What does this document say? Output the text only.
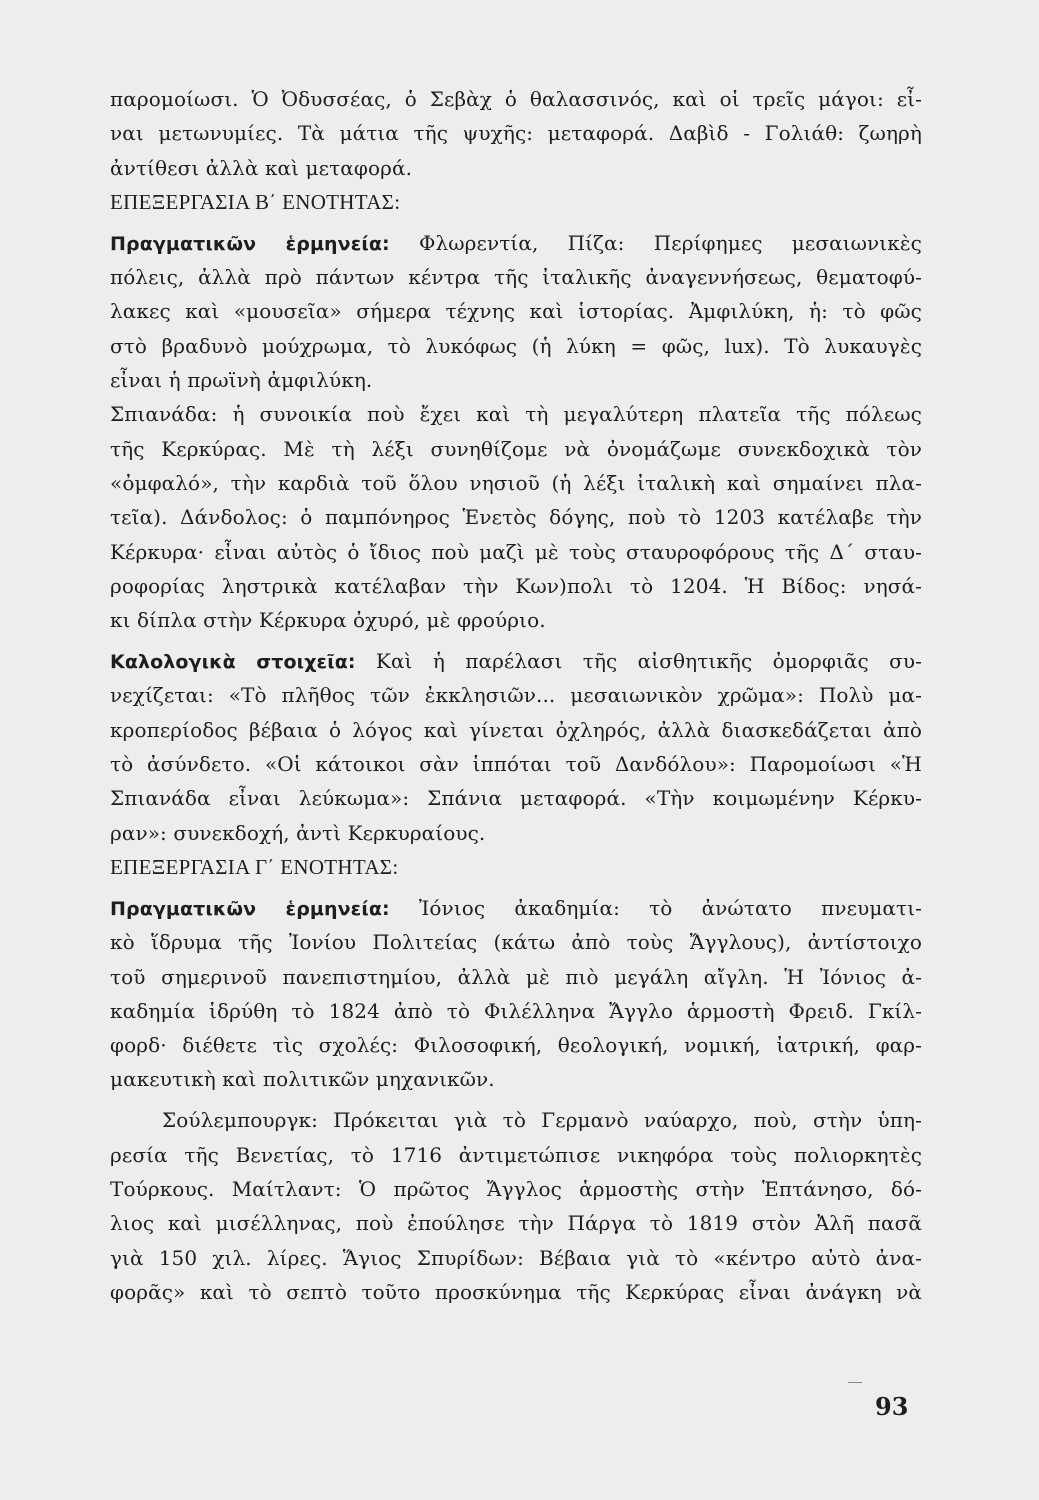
παρομοίωσι. Ὁ Ὀδυσσέας, ὁ Σεβὰχ ὁ θαλασσινός, καὶ οἱ τρεῖς μάγοι: εἶ-
ναι μετωνυμίες. Τὰ μάτια τῆς ψυχῆς: μεταφορά. Δαβὶδ - Γολιάθ: ζωηρὴ
ἀντίθεσι ἀλλὰ καὶ μεταφορά.
ΕΠΕΞΕΡΓΑΣΙΑ Β΄ ΕΝΟΤΗΤΑΣ:
Πραγματικῶν ἑρμηνεία: Φλωρεντία, Πίζα: Περίφημες μεσαιωνικὲς
πόλεις, ἀλλὰ πρὸ πάντων κέντρα τῆς ἰταλικῆς ἀναγεννήσεως, θεματοφύ-
λακες καὶ «μουσεῖα» σήμερα τέχνης καὶ ἱστορίας. Ἀμφιλύκη, ἡ: τὸ φῶς
στὸ βραδυνὸ μούχρωμα, τὸ λυκόφως (ἡ λύκη = φῶς, lux). Τὸ λυκαυγὲς
εἶναι ἡ πρωϊνὴ ἀμφιλύκη.
Σπιανάδα: ἡ συνοικία ποὺ ἔχει καὶ τὴ μεγαλύτερη πλατεῖα τῆς πόλεως
τῆς Κερκύρας. Μὲ τὴ λέξι συνηθίζομε νὰ ὀνομάζωμε συνεκδοχικὰ τὸν
«ὀμφαλό», τὴν καρδιὰ τοῦ ὅλου νησιοῦ (ἡ λέξι ἰταλικὴ καὶ σημαίνει πλα-
τεῖα). Δάνδολος: ὁ παμπόνηρος Ἑνετὸς δόγης, ποὺ τὸ 1203 κατέλαβε τὴν
Κέρκυρα· εἶναι αὐτὸς ὁ ἴδιος ποὺ μαζὶ μὲ τοὺς σταυροφόρους τῆς Δ΄ σταυ-
ροφορίας ληστρικὰ κατέλαβαν τὴν Κων)πολι τὸ 1204. Ἡ Βίδος: νησά-
κι δίπλα στὴν Κέρκυρα ὀχυρό, μὲ φρούριο.
Καλολογικὰ στοιχεῖα: Καὶ ἡ παρέλασι τῆς αἰσθητικῆς ὀμορφιᾶς συ-
νεχίζεται: «Τὸ πλῆθος τῶν ἐκκλησιῶν... μεσαιωνικὸν χρῶμα»: Πολὺ μα-
κροπερίοδος βέβαια ὁ λόγος καὶ γίνεται ὀχληρός, ἀλλὰ διασκεδάζεται ἀπὸ
τὸ ἀσύνδετο. «Οἱ κάτοικοι σὰν ἱππόται τοῦ Δανδόλου»: Παρομοίωσι «Ἡ
Σπιανάδα εἶναι λεύκωμα»: Σπάνια μεταφορά. «Τὴν κοιμωμένην Κέρκυ-
ραν»: συνεκδοχή, ἀντὶ Κερκυραίους.
ΕΠΕΞΕΡΓΑΣΙΑ Γ΄ ΕΝΟΤΗΤΑΣ:
Πραγματικῶν ἑρμηνεία: Ἰόνιος ἀκαδημία: τὸ ἀνώτατο πνευματι-
κὸ ἵδρυμα τῆς Ἰονίου Πολιτείας (κάτω ἀπὸ τοὺς Ἄγγλους), ἀντίστοιχο
τοῦ σημερινοῦ πανεπιστημίου, ἀλλὰ μὲ πιὸ μεγάλη αἴγλη. Ἡ Ἰόνιος ἀ-
καδημία ἱδρύθη τὸ 1824 ἀπὸ τὸ Φιλέλληνα Ἄγγλο ἁρμοστὴ Φρειδ. Γκίλ-
φορδ· διέθετε τὶς σχολές: Φιλοσοφική, θεολογική, νομική, ἰατρική, φαρ-
μακευτικὴ καὶ πολιτικῶν μηχανικῶν.
Σούλεμπουργκ: Πρόκειται γιὰ τὸ Γερμανὸ ναύαρχο, ποὺ, στὴν ὑπη-
ρεσία τῆς Βενετίας, τὸ 1716 ἀντιμετώπισε νικηφόρα τοὺς πολιορκητὲς
Τούρκους. Μαίτλαντ: Ὁ πρῶτος Ἄγγλος ἁρμοστὴς στὴν Ἑπτάνησο, δό-
λιος καὶ μισέλληνας, ποὺ ἐπούλησε τὴν Πάργα τὸ 1819 στὸν Ἀλῆ πασᾶ
γιὰ 150 χιλ. λίρες. Ἅγιος Σπυρίδων: Βέβαια γιὰ τὸ «κέντρο αὐτὸ ἀνα-
φορᾶς» καὶ τὸ σεπτὸ τοῦτο προσκύνημα τῆς Κερκύρας εἶναι ἀνάγκη νὰ
93
